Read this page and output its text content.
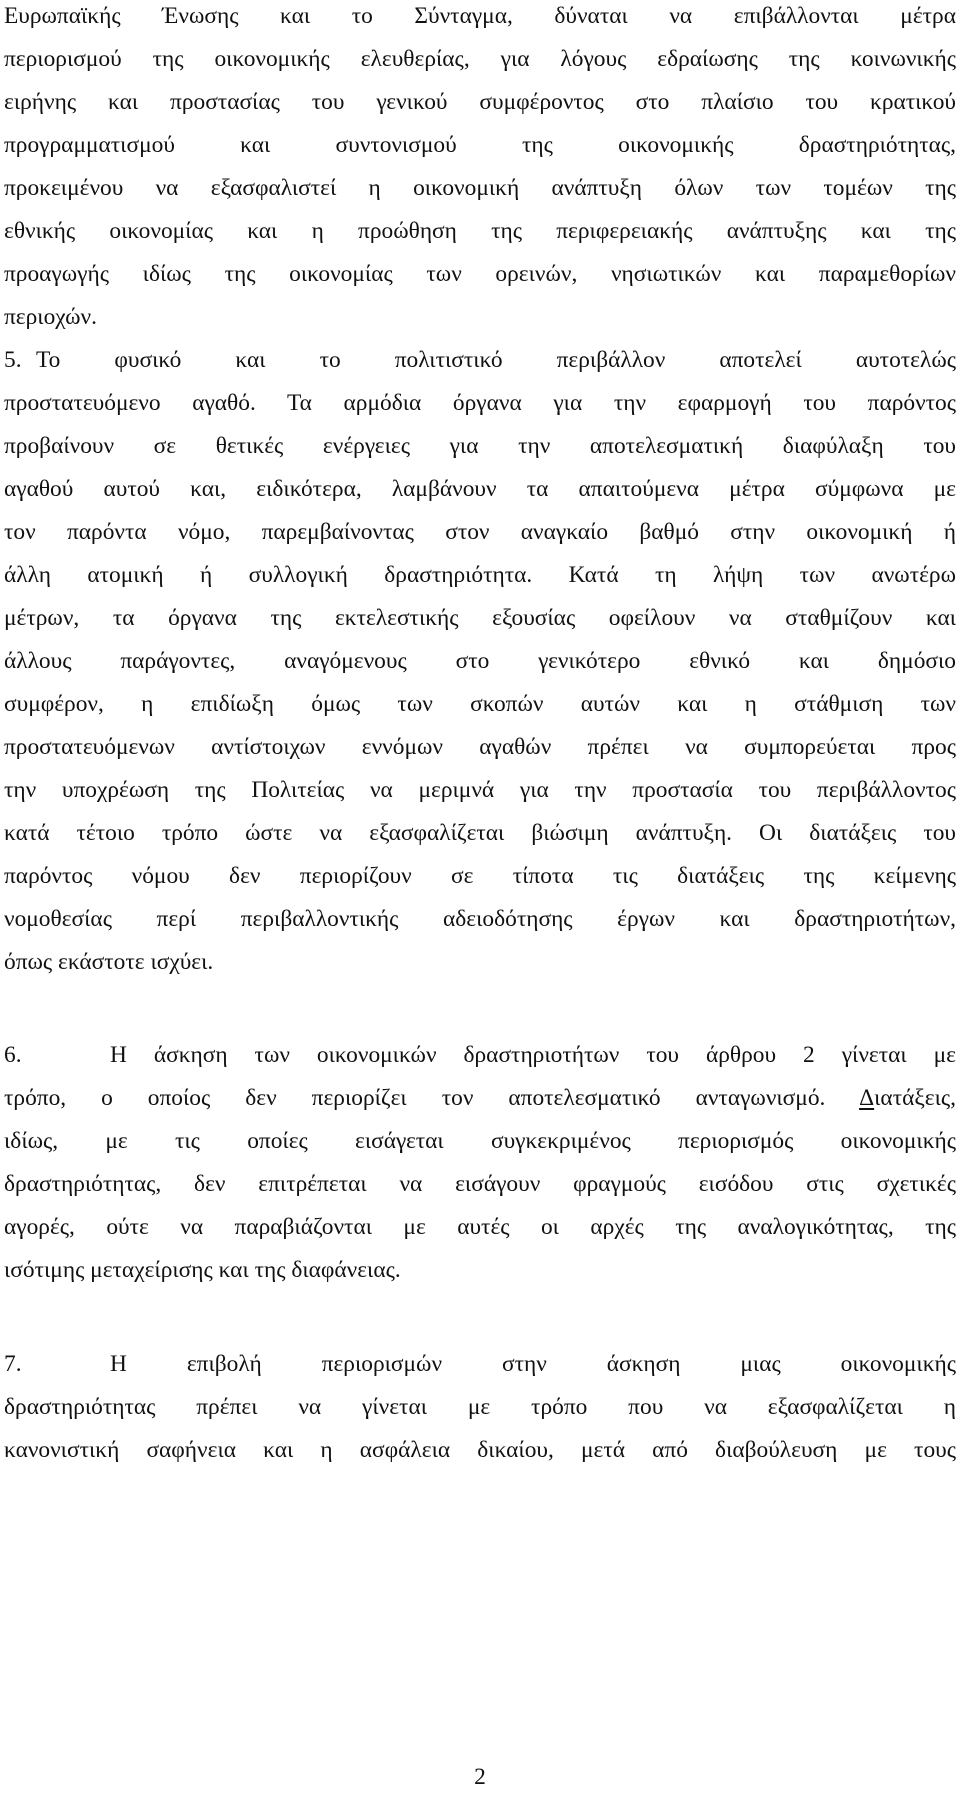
Ευρωπαϊκής Ένωσης και το Σύνταγμα, δύναται να επιβάλλονται μέτρα
περιορισμού της οικονομικής ελευθερίας, για λόγους εδραίωσης της κοινωνικής
ειρήνης και προστασίας του γενικού συμφέροντος στο πλαίσιο του κρατικού
προγραμματισμού και συντονισμού της οικονομικής δραστηριότητας,
προκειμένου να εξασφαλιστεί η οικονομική ανάπτυξη όλων των τομέων της
εθνικής οικονομίας και η προώθηση της περιφερειακής ανάπτυξης και της
προαγωγής ιδίως της οικονομίας των ορεινών, νησιωτικών και παραμεθορίων
περιοχών.
5. Το φυσικό και το πολιτιστικό περιβάλλον αποτελεί αυτοτελώς
προστατευόμενο αγαθό. Τα αρμόδια όργανα για την εφαρμογή του παρόντος
προβαίνουν σε θετικές ενέργειες για την αποτελεσματική διαφύλαξη του
αγαθού αυτού και, ειδικότερα, λαμβάνουν τα απαιτούμενα μέτρα σύμφωνα με
τον παρόντα νόμο, παρεμβαίνοντας στον αναγκαίο βαθμό στην οικονομική ή
άλλη ατομική ή συλλογική δραστηριότητα. Κατά τη λήψη των ανωτέρω
μέτρων, τα όργανα της εκτελεστικής εξουσίας οφείλουν να σταθμίζουν και
άλλους παράγοντες, αναγόμενους στο γενικότερο εθνικό και δημόσιο
συμφέρον, η επιδίωξη όμως των σκοπών αυτών και η στάθμιση των
προστατευόμενων αντίστοιχων εννόμων αγαθών πρέπει να συμπορεύεται προς
την υποχρέωση της Πολιτείας να μεριμνά για την προστασία του περιβάλλοντος
κατά τέτοιο τρόπο ώστε να εξασφαλίζεται βιώσιμη ανάπτυξη. Οι διατάξεις του
παρόντος νόμου δεν περιορίζουν σε τίποτα τις διατάξεις της κείμενης
νομοθεσίας περί περιβαλλοντικής αδειοδότησης έργων και δραστηριοτήτων,
όπως εκάστοτε ισχύει.
6.	Η άσκηση των οικονομικών δραστηριοτήτων του άρθρου 2 γίνεται με
τρόπο, ο οποίος δεν περιορίζει τον αποτελεσματικό ανταγωνισμό. Διατάξεις,
ιδίως, με τις οποίες εισάγεται συγκεκριμένος περιορισμός οικονομικής
δραστηριότητας, δεν επιτρέπεται να εισάγουν φραγμούς εισόδου στις σχετικές
αγορές, ούτε να παραβιάζονται με αυτές οι αρχές της αναλογικότητας, της
ισότιμης μεταχείρισης και της διαφάνειας.
7.	Η επιβολή περιορισμών στην άσκηση μιας οικονομικής
δραστηριότητας πρέπει να γίνεται με τρόπο που να εξασφαλίζεται η
κανονιστική σαφήνεια και η ασφάλεια δικαίου, μετά από διαβούλευση με τους
2
